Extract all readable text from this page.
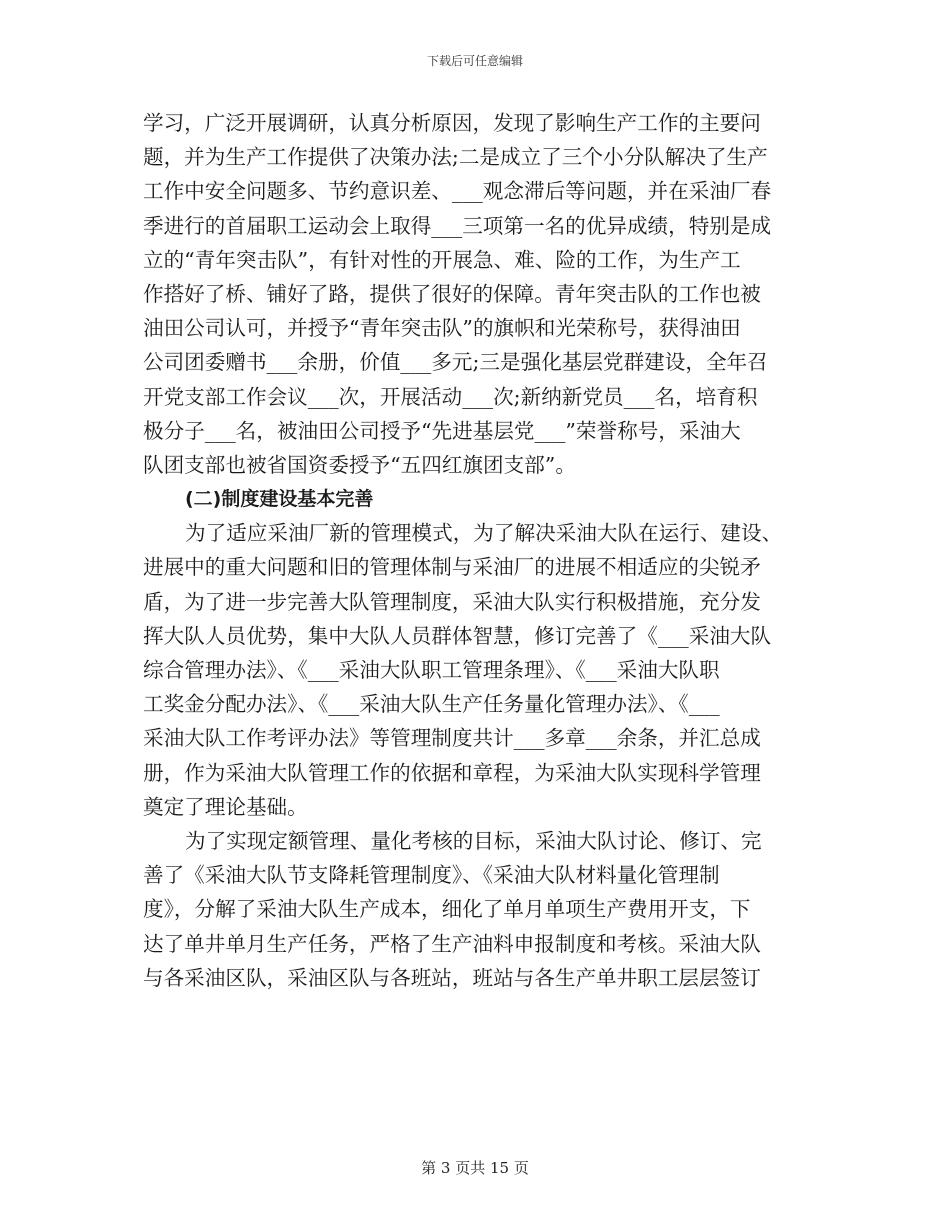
下载后可任意编辑
学习，广泛开展调研，认真分析原因，发现了影响生产工作的主要问
题，并为生产工作提供了决策办法;二是成立了三个小分队解决了生产
工作中安全问题多、节约意识差、___观念滞后等问题，并在采油厂春
季进行的首届职工运动会上取得___三项第一名的优异成绩，特别是成
立的“青年突击队”，有针对性的开展急、难、险的工作，为生产工
作搭好了桥、铺好了路，提供了很好的保障。青年突击队的工作也被
油田公司认可，并授予“青年突击队”的旗帜和光荣称号，获得油田
公司团委赠书___余册，价值___多元;三是强化基层党群建设，全年召
开党支部工作会议___次，开展活动___次;新纳新党员___名，培育积
极分子___名，被油田公司授予“先进基层党___”荣誉称号，采油大
队团支部也被省国资委授予“五四红旗团支部”。
(二)制度建设基本完善
为了适应采油厂新的管理模式，为了解决采油大队在运行、建设、
进展中的重大问题和旧的管理体制与采油厂的进展不相适应的尖锐矛
盾，为了进一步完善大队管理制度，采油大队实行积极措施，充分发
挥大队人员优势，集中大队人员群体智慧，修订完善了《___采油大队
综合管理办法》、《___采油大队职工管理条理》、《___采油大队职
工奖金分配办法》、《___采油大队生产任务量化管理办法》、《___
采油大队工作考评办法》等管理制度共计___多章___余条，并汇总成
册，作为采油大队管理工作的依据和章程，为采油大队实现科学管理
奠定了理论基础。
为了实现定额管理、量化考核的目标，采油大队讨论、修订、完
善了《采油大队节支降耗管理制度》、《采油大队材料量化管理制
度》，分解了采油大队生产成本，细化了单月单项生产费用开支，下
达了单井单月生产任务，严格了生产油料申报制度和考核。采油大队
与各采油区队，采油区队与各班站，班站与各生产单井职工层层签订
第 3 页共 15 页
